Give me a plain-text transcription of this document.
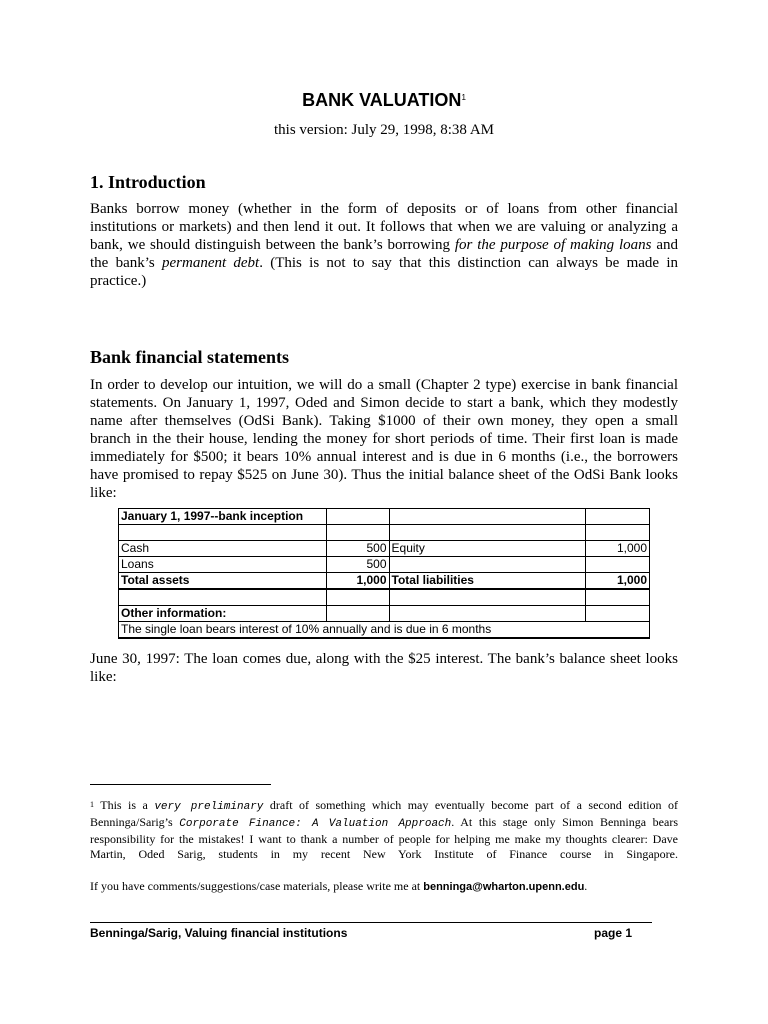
BANK VALUATION$^1$
this version: July 29, 1998, 8:38 AM
1. Introduction
Banks borrow money (whether in the form of deposits or of loans from other financial
institutions or markets) and then lend it out. It follows that when we are valuing or analyzing a
bank, we should distinguish between the bank’s borrowing for the purpose of making loans and
the bank’s permanent debt. (This is not to say that this distinction can always be made in
practice.)
Bank financial statements
In order to develop our intuition, we will do a small (Chapter 2 type) exercise in bank financial
statements. On January 1, 1997, Oded and Simon decide to start a bank, which they modestly
name after themselves (OdSi Bank). Taking $1000 of their own money, they open a small
branch in the their house, lending the money for short periods of time. Their first loan is made
immediately for $500; it bears 10% annual interest and is due in 6 months (i.e., the borrowers
have promised to repay $525 on June 30). Thus the initial balance sheet of the OdSi Bank looks
like:
January 1, 1997--bank inception			

Cash	500	Equity	1,000
Loans	500		
Total assets	1,000	Total liabilities	1,000

Other information:			
The single loan bears interest of 10% annually and is due in 6 months			
June 30, 1997: The loan comes due, along with the $25 interest. The bank’s balance sheet looks
like:
$^1$ This is a very preliminary draft of something which may eventually become part of a second edition of
Benninga/Sarig’s Corporate Finance: A Valuation Approach. At this stage only Simon Benninga bears
responsibility for the mistakes! I want to thank a number of people for helping me make my thoughts clearer: Dave
Martin, Oded Sarig, students in my recent New York Institute of Finance course in Singapore.
If you have comments/suggestions/case materials, please write me at benninga@wharton.upenn.edu.
Benninga/Sarig, Valuing financial institutions	page 1
